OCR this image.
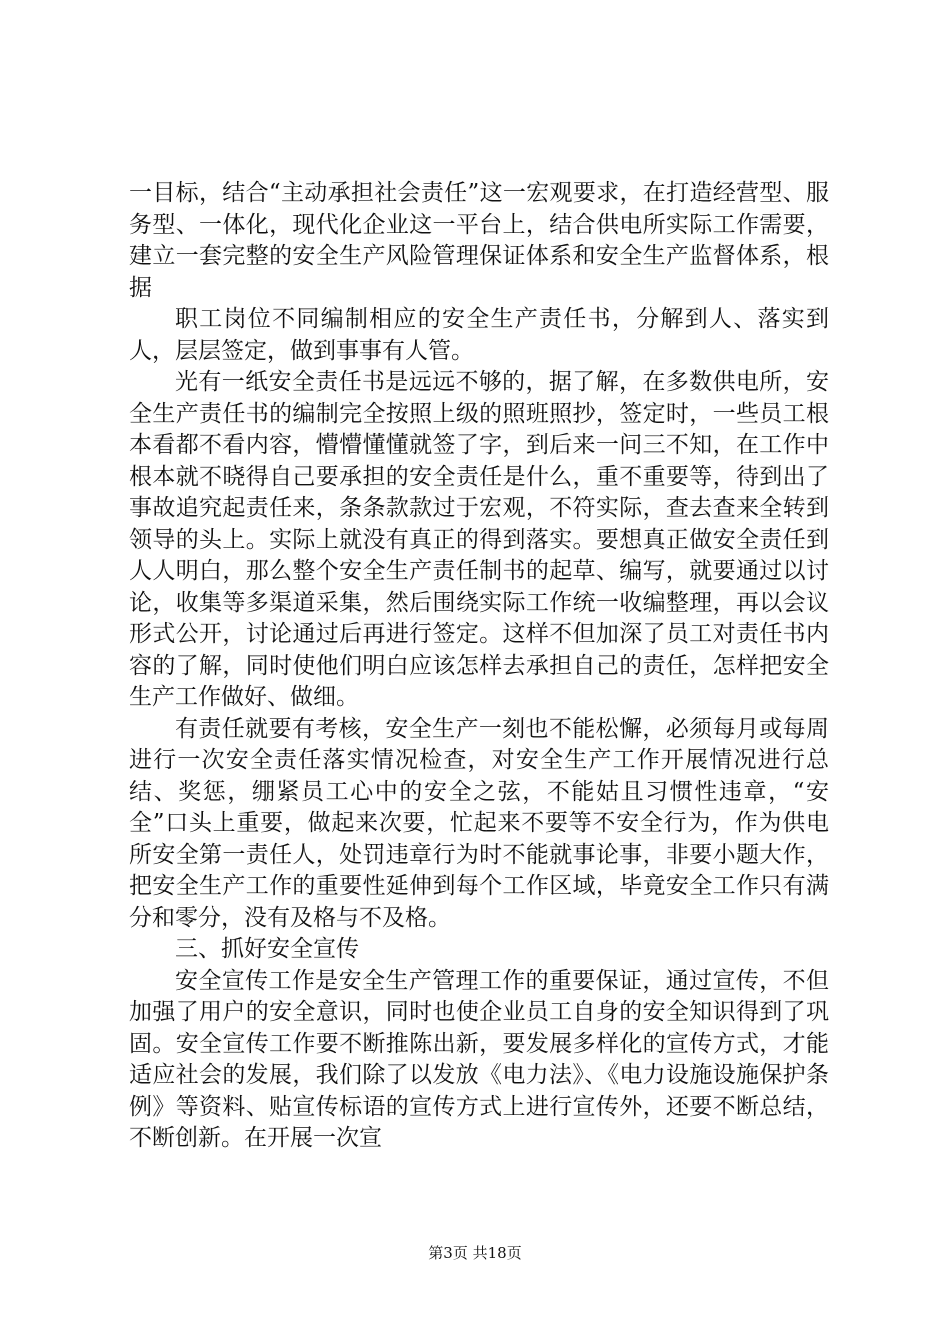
一目标，结合“主动承担社会责任”这一宏观要求，在打造经营型、服务型、一体化，现代化企业这一平台上，结合供电所实际工作需要，建立一套完整的安全生产风险管理保证体系和安全生产监督体系，根据

职工岗位不同编制相应的安全生产责任书，分解到人、落实到人，层层签定，做到事事有人管。

光有一纸安全责任书是远远不够的，据了解，在多数供电所，安全生产责任书的编制完全按照上级的照班照抄，签定时，一些员工根本看都不看内容，懵懵懂懂就签了字，到后来一问三不知，在工作中根本就不晓得自己要承担的安全责任是什么，重不重要等，待到出了事故追究起责任来，条条款款过于宏观，不符实际，查去查来全转到领导的头上。实际上就没有真正的得到落实。要想真正做安全责任到人人明白，那么整个安全生产责任制书的起草、编写，就要通过以讨论，收集等多渠道采集，然后围绕实际工作统一收编整理，再以会议形式公开，讨论通过后再进行签定。这样不但加深了员工对责任书内容的了解，同时使他们明白应该怎样去承担自己的责任，怎样把安全生产工作做好、做细。

有责任就要有考核，安全生产一刻也不能松懈，必须每月或每周进行一次安全责任落实情况检查，对安全生产工作开展情况进行总结、奖惩，绷紧员工心中的安全之弦，不能姑且习惯性违章，“安全”口头上重要，做起来次要，忙起来不要等不安全行为，作为供电所安全第一责任人，处罚违章行为时不能就事论事，非要小题大作，把安全生产工作的重要性延伸到每个工作区域，毕竟安全工作只有满分和零分，没有及格与不及格。

三、抓好安全宣传

安全宣传工作是安全生产管理工作的重要保证，通过宣传，不但加强了用户的安全意识，同时也使企业员工自身的安全知识得到了巩固。安全宣传工作要不断推陈出新，要发展多样化的宣传方式，才能适应社会的发展，我们除了以发放《电力法》、《电力设施设施保护条例》等资料、贴宣传标语的宣传方式上进行宣传外，还要不断总结，不断创新。在开展一次宣

第3页 共18页
